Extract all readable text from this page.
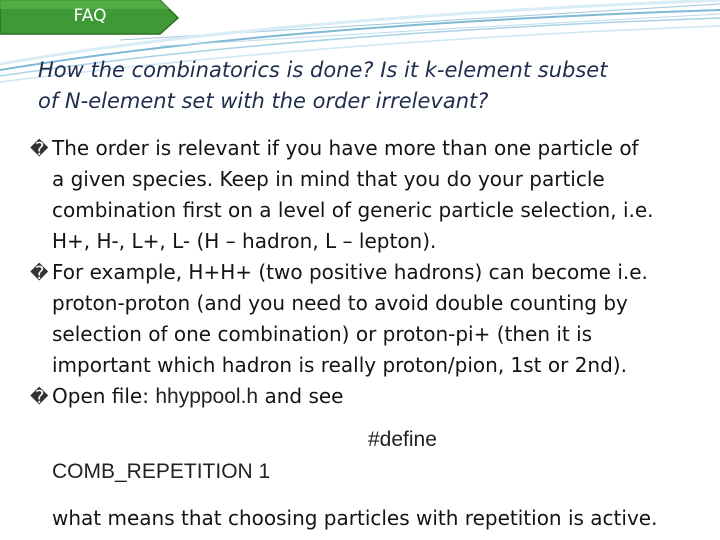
FAQ
How the combinatorics is done? Is it k-element subset
of N-element set with the order irrelevant?
� The order is relevant if you have more than one particle of
a given species. Keep in mind that you do your particle
combination first on a level of generic particle selection, i.e.
H+, H-, L+, L- (H – hadron, L – lepton).
� For example, H+H+ (two positive hadrons) can become i.e.
proton-proton (and you need to avoid double counting by
selection of one combination) or proton-pi+ (then it is
important which hadron is really proton/pion, 1st or 2nd).
� Open file: hhyppool.h and see
#define
COMB_REPETITION 1
what means that choosing particles with repetition is active.
